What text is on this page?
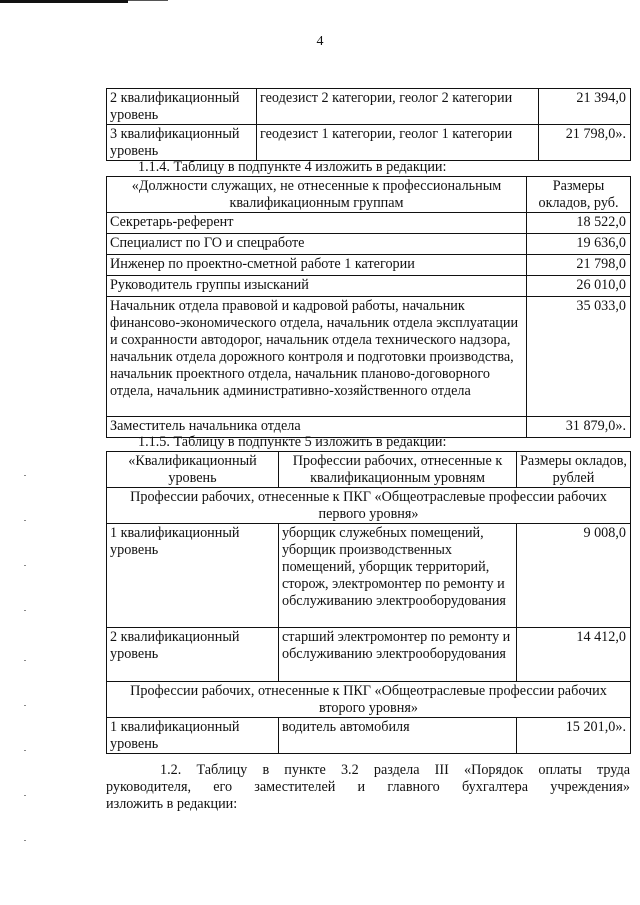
4
2 квалификационный уровень	геодезист 2 категории, геолог 2 категории	21 394,0
3 квалификационный уровень	геодезист 1 категории, геолог 1 категории	21 798,0».
1.1.4. Таблицу в подпункте 4 изложить в редакции:
«Должности служащих, не отнесенные к профессиональным квалификационным группам	Размеры окладов, руб.
Секретарь-референт	18 522,0
Специалист по ГО и спецработе	19 636,0
Инженер по проектно-сметной работе 1 категории	21 798,0
Руководитель группы изысканий	26 010,0
Начальник отдела правовой и кадровой работы, начальник финансово-экономического отдела, начальник отдела эксплуатации и сохранности автодорог, начальник отдела технического надзора, начальник отдела дорожного контроля и подготовки производства, начальник проектного отдела, начальник планово-договорного отдела, начальник административно-хозяйственного отдела	35 033,0
Заместитель начальника отдела	31 879,0».
1.1.5. Таблицу в подпункте 5 изложить в редакции:
«Квалификационный уровень	Профессии рабочих, отнесенные к квалификационным уровням	Размеры окладов, рублей
Профессии рабочих, отнесенные к ПКГ «Общеотраслевые профессии рабочих первого уровня»		
1 квалификационный уровень	уборщик служебных помещений, уборщик производственных помещений, уборщик территорий, сторож, электромонтер по ремонту и обслуживанию электрооборудования	9 008,0
2 квалификационный уровень	старший электромонтер по ремонту и обслуживанию электрооборудования	14 412,0
Профессии рабочих, отнесенные к ПКГ «Общеотраслевые профессии рабочих второго уровня»		
1 квалификационный уровень	водитель автомобиля	15 201,0».
1.2. Таблицу в пункте 3.2 раздела III «Порядок оплаты труда
руководителя, его заместителей и главного бухгалтера учреждения»
изложить в редакции:
